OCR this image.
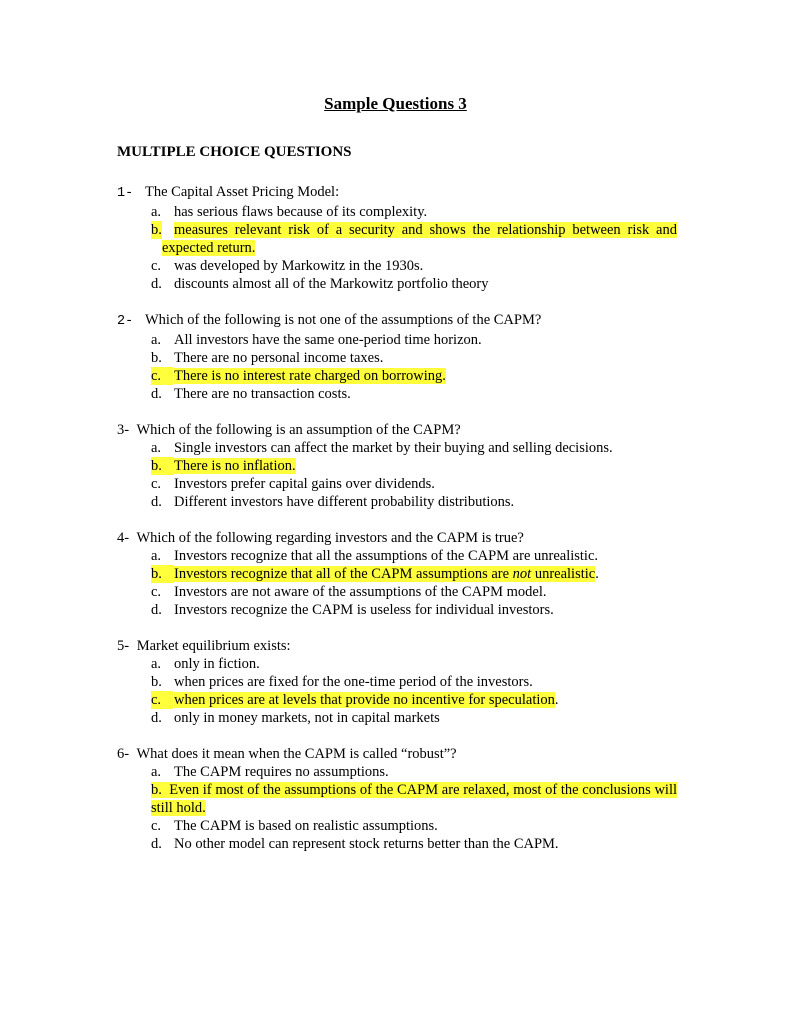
Sample Questions 3
MULTIPLE CHOICE QUESTIONS
1- The Capital Asset Pricing Model:
a. has serious flaws because of its complexity.
b. measures relevant risk of a security and shows the relationship between risk and expected return.
c. was developed by Markowitz in the 1930s.
d. discounts almost all of the Markowitz portfolio theory
2- Which of the following is not one of the assumptions of the CAPM?
a. All investors have the same one-period time horizon.
b. There are no personal income taxes.
c. There is no interest rate charged on borrowing.
d. There are no transaction costs.
3- Which of the following is an assumption of the CAPM?
a. Single investors can affect the market by their buying and selling decisions.
b. There is no inflation.
c. Investors prefer capital gains over dividends.
d. Different investors have different probability distributions.
4- Which of the following regarding investors and the CAPM is true?
a. Investors recognize that all the assumptions of the CAPM are unrealistic.
b. Investors recognize that all of the CAPM assumptions are not unrealistic.
c. Investors are not aware of the assumptions of the CAPM model.
d. Investors recognize the CAPM is useless for individual investors.
5- Market equilibrium exists:
a. only in fiction.
b. when prices are fixed for the one-time period of the investors.
c. when prices are at levels that provide no incentive for speculation.
d. only in money markets, not in capital markets
6- What does it mean when the CAPM is called “robust”?
a. The CAPM requires no assumptions.
b. Even if most of the assumptions of the CAPM are relaxed, most of the conclusions will still hold.
c. The CAPM is based on realistic assumptions.
d. No other model can represent stock returns better than the CAPM.
